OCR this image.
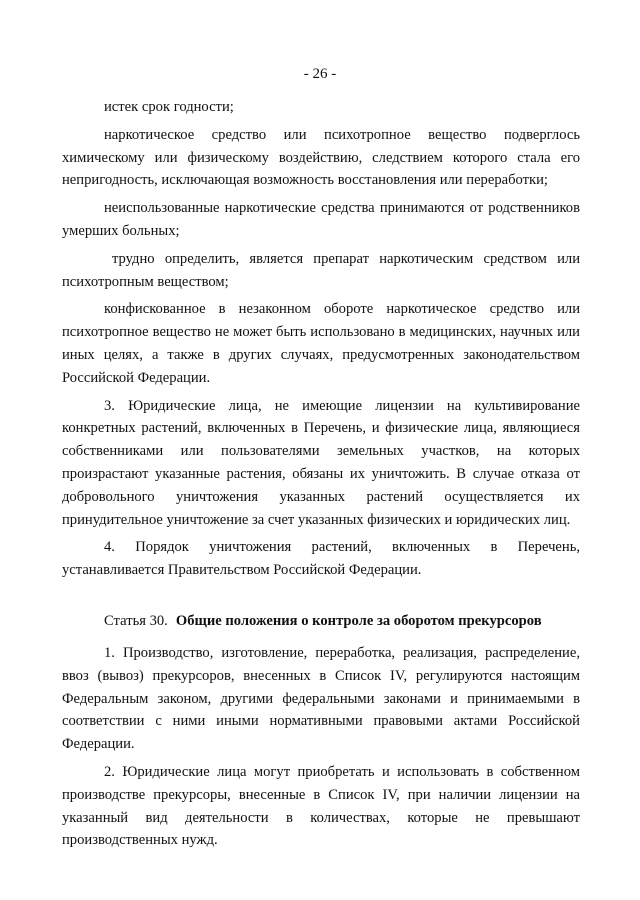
- 26 -

истек срок годности;

наркотическое средство или психотропное вещество подверглось химическому или физическому воздействию, следствием которого стала его непригодность, исключающая возможность восстановления или переработки;

неиспользованные наркотические средства принимаются от родственников умерших больных;

трудно определить, является препарат наркотическим средством или психотропным веществом;

конфискованное в незаконном обороте наркотическое средство или психотропное вещество не может быть использовано в медицинских, научных или иных целях, а также в других случаях, предусмотренных законодательством Российской Федерации.

3. Юридические лица, не имеющие лицензии на культивирование конкретных растений, включенных в Перечень, и физические лица, являющиеся собственниками или пользователями земельных участков, на которых произрастают указанные растения, обязаны их уничтожить. В случае отказа от добровольного уничтожения указанных растений осуществляется их принудительное уничтожение за счет указанных физических и юридических лиц.

4. Порядок уничтожения растений, включенных в Перечень, устанавливается Правительством Российской Федерации.

Статья 30. Общие положения о контроле за оборотом прекурсоров

1. Производство, изготовление, переработка, реализация, распределение, ввоз (вывоз) прекурсоров, внесенных в Список IV, регулируются настоящим Федеральным законом, другими федеральными законами и принимаемыми в соответствии с ними иными нормативными правовыми актами Российской Федерации.

2. Юридические лица могут приобретать и использовать в собственном производстве прекурсоры, внесенные в Список IV, при наличии лицензии на указанный вид деятельности в количествах, которые не превышают производственных нужд.
